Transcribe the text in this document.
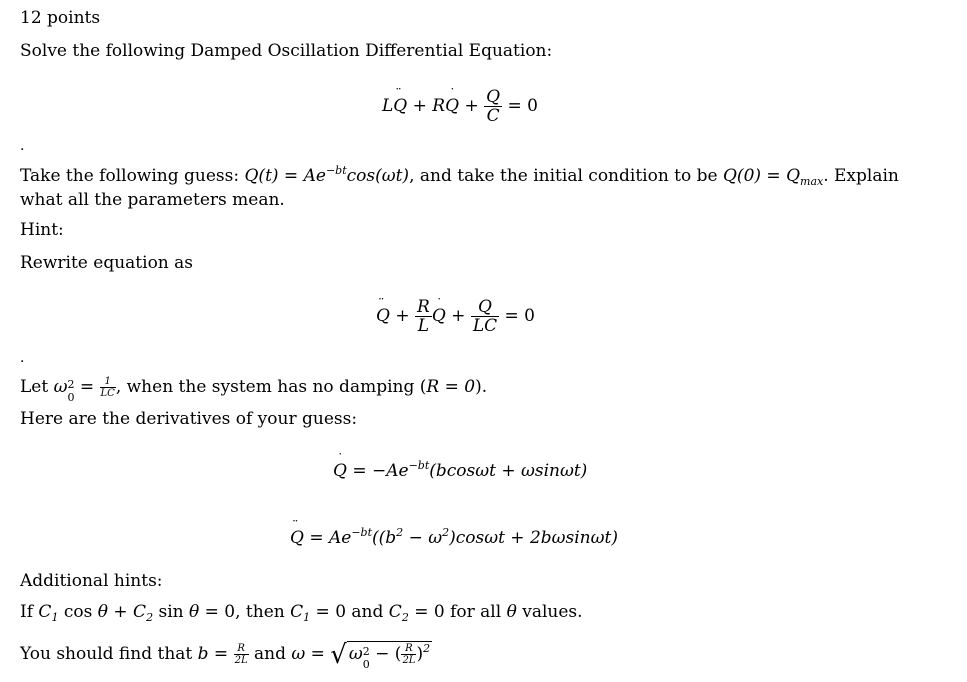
12 points
Solve the following Damped Oscillation Differential Equation:
L¨ Q + R˙ $Q + \frac{Q}{C} = 0$
.
Take the following guess: $Q(t) = Ae^{-bt}\cos(\omega t)$, and take the initial condition to be $Q(0) = Q_{max}$. Explain what all the parameters mean.
Hint:
Rewrite equation as
¨ $Q + \frac{R}{L}$
˙ $Q + \frac{Q}{LC} = 0$
.
Let ω 2
0
= $\frac{1}{LC}$ , when the system has no damping (R = 0).
Here are the derivatives of your guess:
˙ $Q = -Ae^{-bt}(bcos\omega t + \omega\sin\omega t)$
¨ $Q = Ae^{-bt}((b^2 - \omega^2)\cos\omega t + 2b\omega\sin\omega t)$
Additional hints:
If $C_1$ $\cos \theta + C_2$ sin θ = 0, then $C_1 = 0$ and $C_2 = 0$ for all θ values.
You should find that $b = \frac{R}{2L}$ and ω = √ ω 2
0
− ( $\frac{R}{2L} )^2$
